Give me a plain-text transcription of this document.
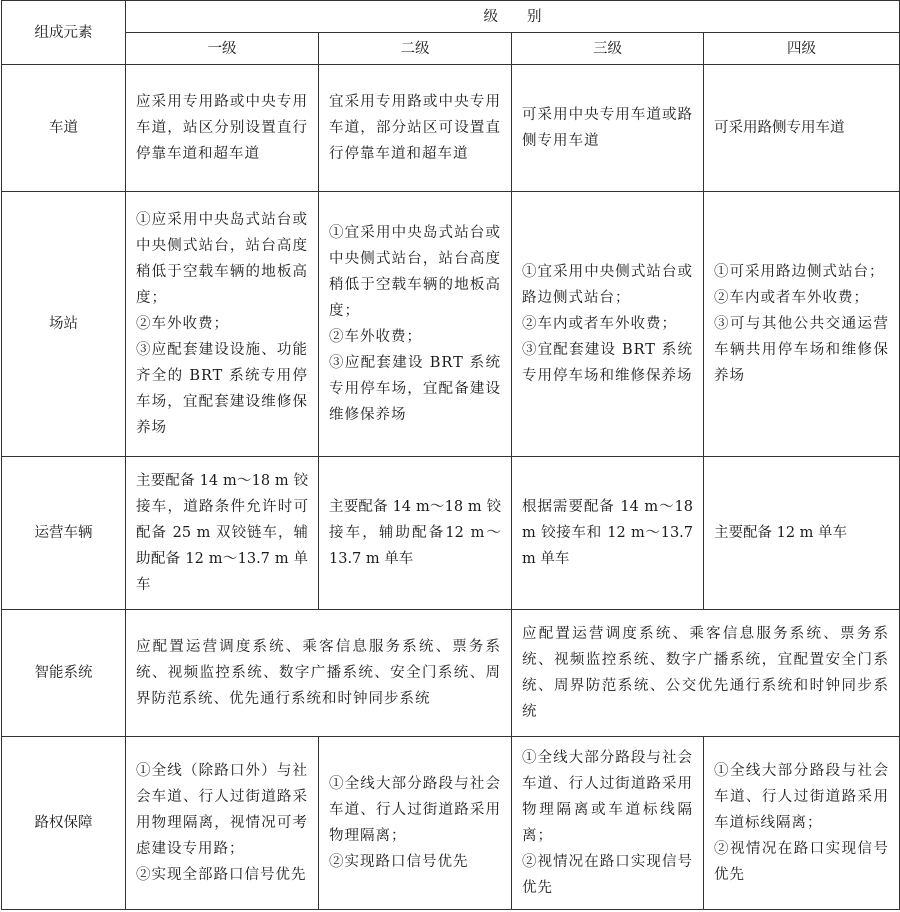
组成元素	级　　别			
	一级	二级	三级	四级
车道	应采用专用路或中央专用车道，站区分别设置直行停靠车道和超车道	宜采用专用路或中央专用车道，部分站区可设置直行停靠车道和超车道	可采用中央专用车道或路侧专用车道	可采用路侧专用车道
场站	①应采用中央岛式站台或中央侧式站台，站台高度稍低于空载车辆的地板高度；
②车外收费；
③应配套建设设施、功能齐全的 BRT 系统专用停车场，宜配套建设维修保养场	①宜采用中央岛式站台或中央侧式站台，站台高度稍低于空载车辆的地板高度；
②车外收费；
③应配套建设 BRT 系统专用停车场，宜配备建设维修保养场	①宜采用中央侧式站台或路边侧式站台；
②车内或者车外收费；
③宜配套建设 BRT 系统专用停车场和维修保养场	①可采用路边侧式站台；
②车内或者车外收费；
③可与其他公共交通运营车辆共用停车场和维修保养场
运营车辆	主要配备 14 m～18 m 铰接车，道路条件允许时可配备 25 m 双铰链车，辅助配备 12 m～13.7 m 单车	主要配备 14 m～18 m 铰接车，辅助配备12 m～13.7 m 单车	根据需要配备 14 m～18 m 铰接车和 12 m～13.7 m 单车	主要配备 12 m 单车
智能系统	应配置运营调度系统、乘客信息服务系统、票务系统、视频监控系统、数字广播系统、安全门系统、周界防范系统、优先通行系统和时钟同步系统		应配置运营调度系统、乘客信息服务系统、票务系统、视频监控系统、数字广播系统，宜配置安全门系统、周界防范系统、公交优先通行系统和时钟同步系统	
路权保障	①全线（除路口外）与社会车道、行人过街道路采用物理隔离，视情况可考虑建设专用路；
②实现全部路口信号优先	①全线大部分路段与社会车道、行人过街道路采用物理隔离；
②实现路口信号优先	①全线大部分路段与社会车道、行人过街道路采用物理隔离或车道标线隔离；
②视情况在路口实现信号优先	①全线大部分路段与社会车道、行人过街道路采用车道标线隔离；
②视情况在路口实现信号优先
